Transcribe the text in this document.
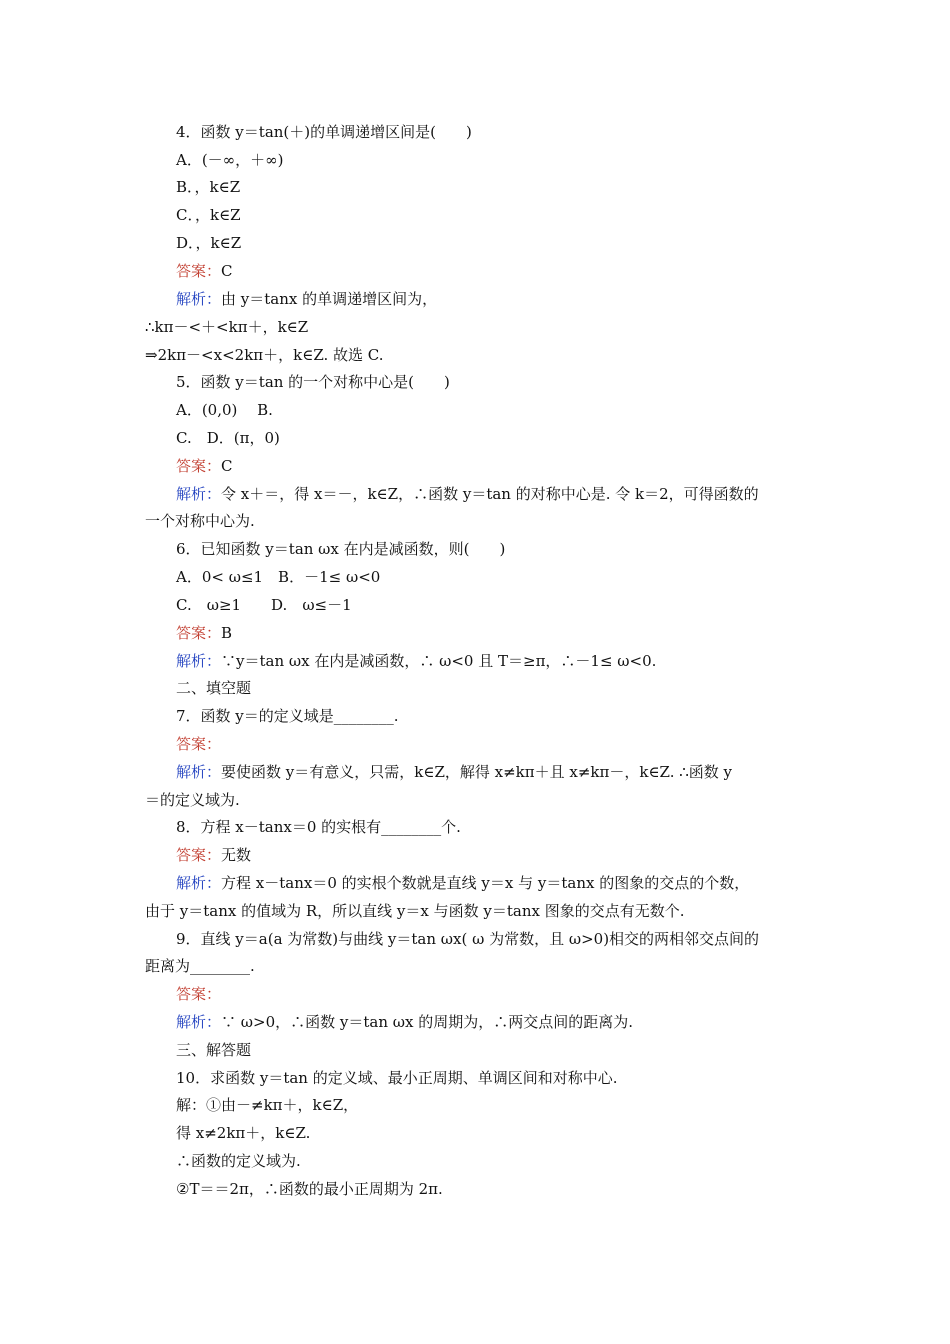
4．函数 y＝tan(＋)的单调递增区间是(　　)
A．(－∞，＋∞)
B．，k∈Z
C．，k∈Z
D．，k∈Z
答案：C
解析：由 y＝tanx 的单调递增区间为，
∴kπ－<＋<kπ＋，k∈Z
⇒2kπ－<x<2kπ＋，k∈Z. 故选 C.
5．函数 y＝tan 的一个对称中心是(　　)
A．(0,0)　 B.
C.　D．(π，0)
答案：C
解析：令 x＋＝，得 x＝－，k∈Z，∴函数 y＝tan 的对称中心是. 令 k＝2，可得函数的
一个对称中心为.
6．已知函数 y＝tan ωx 在内是减函数，则(　　)
A．0< ω≤1　B．－1≤ ω<0
C.　ω≥1　　D.　ω≤－1
答案：B
解析：∵y＝tan ωx 在内是减函数，∴ ω<0 且 T＝≥π，∴－1≤ ω<0.
二、填空题
7．函数 y＝的定义域是________.
答案：
解析：要使函数 y＝有意义，只需，k∈Z，解得 x≠kπ＋且 x≠kπ－，k∈Z. ∴函数 y
＝的定义域为.
8．方程 x－tanx＝0 的实根有________个.
答案：无数
解析：方程 x－tanx＝0 的实根个数就是直线 y＝x 与 y＝tanx 的图象的交点的个数，
由于 y＝tanx 的值域为 R，所以直线 y＝x 与函数 y＝tanx 图象的交点有无数个.
9．直线 y＝a(a 为常数)与曲线 y＝tan ωx( ω 为常数，且 ω>0)相交的两相邻交点间的
距离为________.
答案：
解析：∵ ω>0，∴函数 y＝tan ωx 的周期为，∴两交点间的距离为.
三、解答题
10．求函数 y＝tan 的定义域、最小正周期、单调区间和对称中心.
解：①由－≠kπ＋，k∈Z，
得 x≠2kπ＋，k∈Z.
∴函数的定义域为.
②T＝＝2π，∴函数的最小正周期为 2π.
